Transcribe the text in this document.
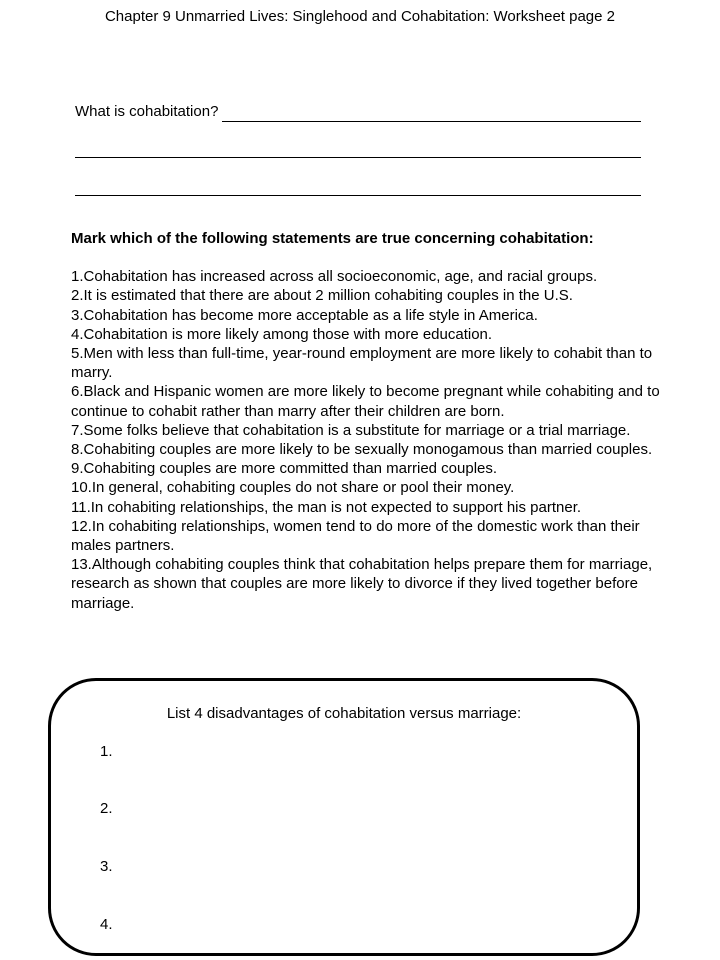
Chapter 9 Unmarried Lives: Singlehood and Cohabitation: Worksheet page 2
What is cohabitation?
Mark which of the following statements are true concerning cohabitation:
1.Cohabitation has increased across all socioeconomic, age, and racial groups.
2.It is estimated that there are about 2 million cohabiting couples in the U.S.
3.Cohabitation has become more acceptable as a life style in America.
4.Cohabitation is more likely among those with more education.
5.Men with less than full-time, year-round employment are more likely to cohabit than to marry.
6.Black and Hispanic women are more likely to become pregnant while cohabiting and to continue to cohabit rather than marry after their children are born.
7.Some folks believe that cohabitation is a substitute for marriage or a trial marriage.
8.Cohabiting couples are more likely to be sexually monogamous than married couples.
9.Cohabiting couples are more committed than married couples.
10.In general, cohabiting couples do not share or pool their money.
11.In cohabiting relationships, the man is not expected to support his partner.
12.In cohabiting relationships, women tend to do more of the domestic work than their males partners.
13.Although cohabiting couples think that cohabitation helps prepare them for marriage, research as shown that couples are more likely to divorce if they lived together before marriage.
List 4 disadvantages of cohabitation versus marriage:
1.
2.
3.
4.
